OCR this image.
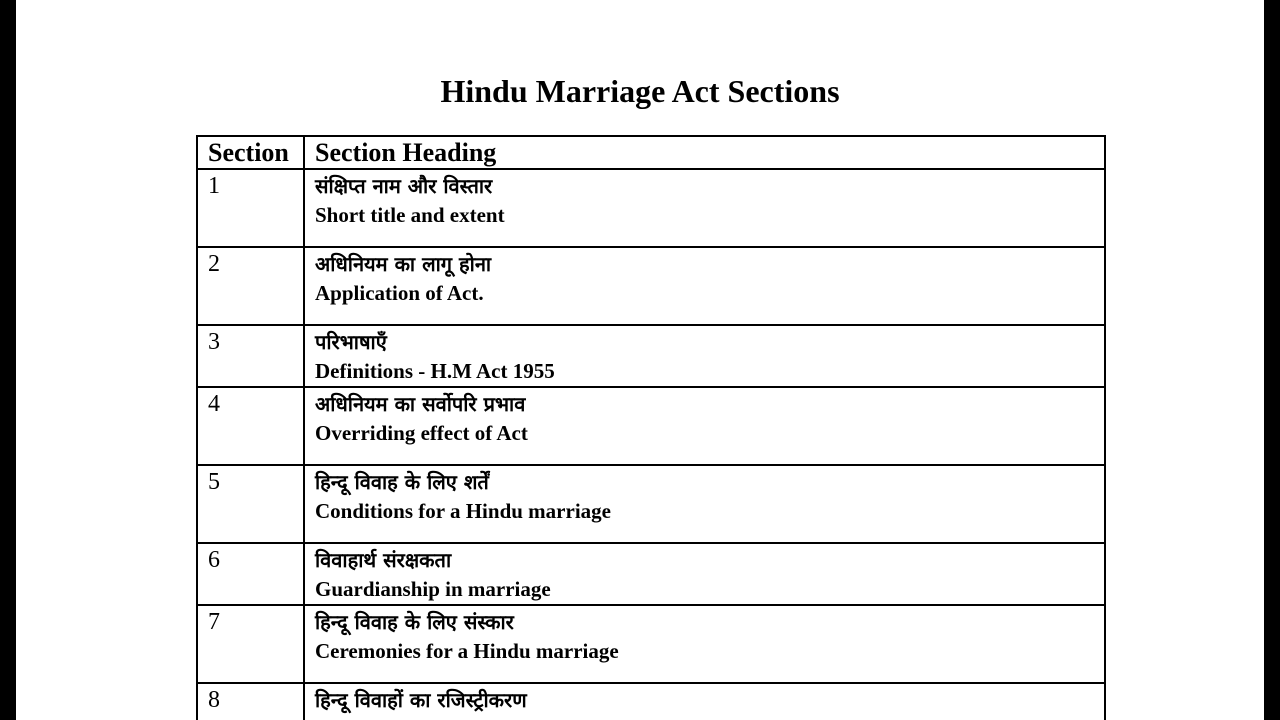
Hindu Marriage Act Sections
Section	Section Heading
1	संक्षिप्त नाम और विस्तार
Short title and extent

2	अधिनियम का लागू होना
Application of Act.

3	परिभाषाएँ
Definitions - H.M Act 1955

4	अधिनियम का सर्वोपरि प्रभाव
Overriding effect of Act

5	हिन्दू विवाह के लिए शर्तें
Conditions for a Hindu marriage

6	विवाहार्थ संरक्षकता
Guardianship in marriage

7	हिन्दू विवाह के लिए संस्कार
Ceremonies for a Hindu marriage

8	हिन्दू विवाहों का रजिस्ट्रीकरण
